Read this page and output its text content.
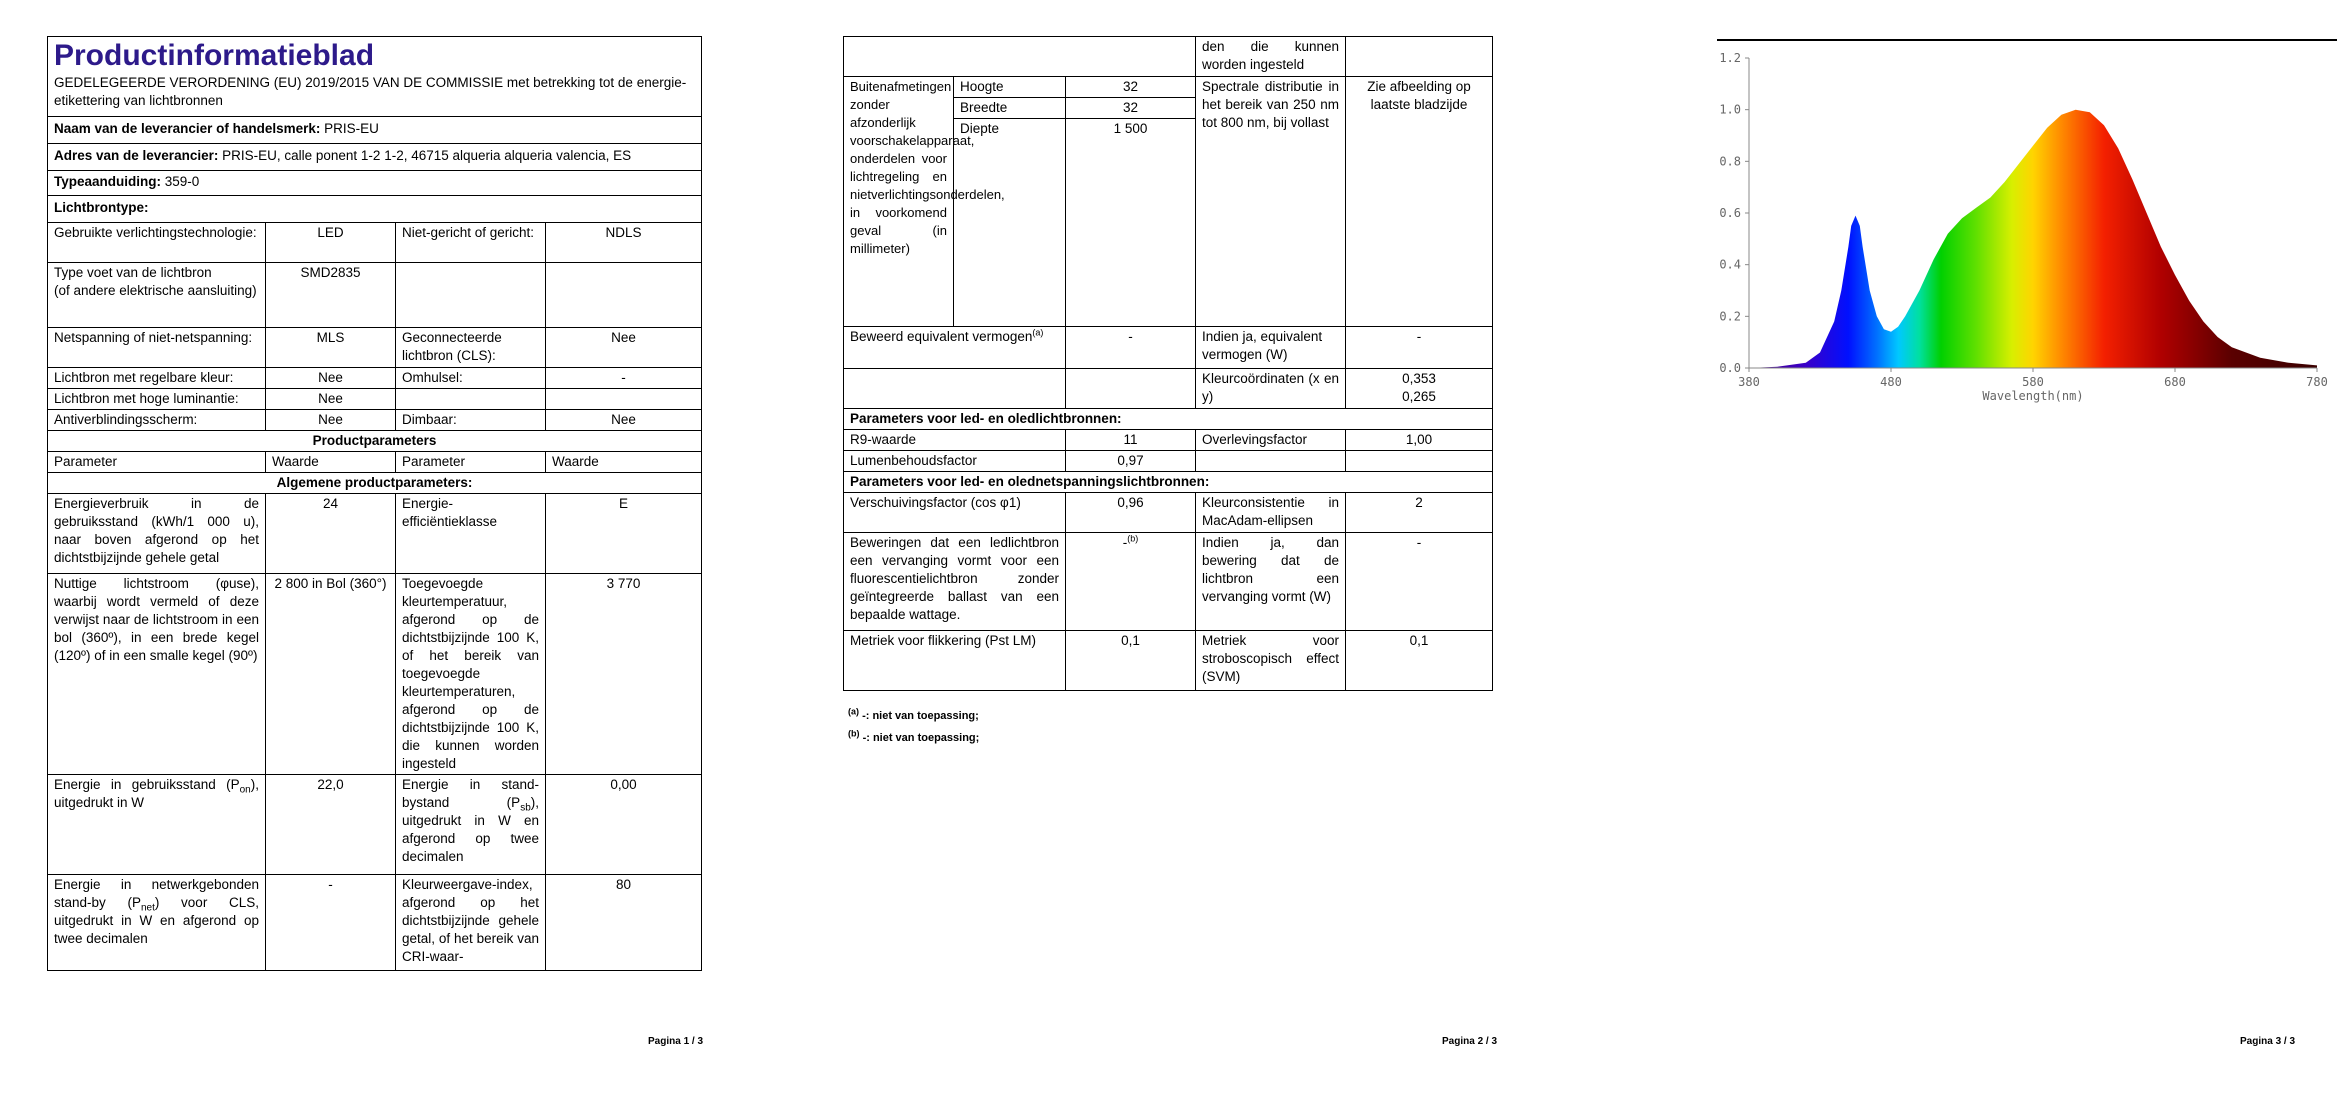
Productinformatieblad
GEDELEGEERDE VERORDENING (EU) 2019/2015 VAN DE COMMISSIE met betrekking tot de energie-etikettering van lichtbronnen			

Naam van de leverancier of handelsmerk: PRIS-EU			
Adres van de leverancier: PRIS-EU, calle ponent 1-2 1-2, 46715 alqueria alqueria valencia, ES			
Typeaanduiding: 359-0			
Lichtbrontype:			
Gebruikte verlichtingstechnologie:	LED	Niet-gericht of gericht:	NDLS
Type voet van de lichtbron
(of andere elektrische aansluiting)	SMD2835		
Netspanning of niet-netspanning:	MLS	Geconnecteerde lichtbron (CLS):	Nee
Lichtbron met regelbare kleur:	Nee	Omhulsel:	-
Lichtbron met hoge luminantie:	Nee		
Antiverblindingsscherm:	Nee	Dimbaar:	Nee
Productparameters			
Parameter	Waarde	Parameter	Waarde
Algemene productparameters:			
Energieverbruik in de gebruiksstand (kWh/1 000 u), naar boven afgerond op het dichtstbijzijnde gehele getal	24	Energie-efficiëntieklasse	E
Nuttige lichtstroom (φuse), waarbij wordt vermeld of deze verwijst naar de lichtstroom in een bol (360º), in een brede kegel (120º) of in een smalle kegel (90º)	2 800 in Bol (360°)	Toegevoegde kleurtemperatuur, afgerond op de dichtstbijzijnde 100 K, of het bereik van toegevoegde kleurtemperaturen, afgerond op de dichtstbijzijnde 100 K, die kunnen worden ingesteld	3 770
Energie in gebruiksstand $(P_{on})$, uitgedrukt in W	22,0	Energie in stand-bystand $(P_{sb})$, uitgedrukt in W en afgerond op twee decimalen	0,00
Energie in netwerkgebonden stand-by $(P_{net})$ voor CLS, uitgedrukt in W en afgerond op twee decimalen	-	Kleurweergave-index, afgerond op het dichtstbijzijnde gehele getal, of het bereik van CRI-waar-	80
Pagina 1 / 3
			den die kunnen worden ingesteld	
Buitenafmetingen zonder afzonderlijk voorschakelapparaat, onderdelen voor lichtregeling en nietverlichtingsonderdelen, in voorkomend geval (in millimeter)	Hoogte	32	Spectrale distributie in het bereik van 250 nm tot 800 nm, bij vollast	Zie afbeelding op laatste bladzijde
	Breedte	32		
	Diepte	1 500		
Beweerd equivalent vermogen$^{(a)}$		-	Indien ja, equivalent vermogen (W)	-
			Kleurcoördinaten (x en y)	0,353
0,265
Parameters voor led- en oledlichtbronnen:				
R9-waarde		11	Overlevingsfactor	1,00
Lumenbehoudsfactor		0,97		
Parameters voor led- en olednetspanningslichtbronnen:				
Verschuivingsfactor (cos φ1)		0,96	Kleurconsistentie in MacAdam-ellipsen	2
Beweringen dat een ledlichtbron een vervanging vormt voor een fluorescentielichtbron zonder geïntegreerde ballast van een bepaalde wattage.		-$^{(b)}$	Indien ja, dan bewering dat de lichtbron een vervanging vormt (W)	-
Metriek voor flikkering (Pst LM)		0,1	Metriek voor stroboscopisch effect (SVM)	0,1
$^{(a)}$ -: niet van toepassing;
$^{(b)}$ -: niet van toepassing;
Pagina 2 / 3
0.0
0.2
0.4
0.6
0.8
1.0
1.2
380	480	580	680	780
Wavelength(nm)
Pagina 3 / 3
